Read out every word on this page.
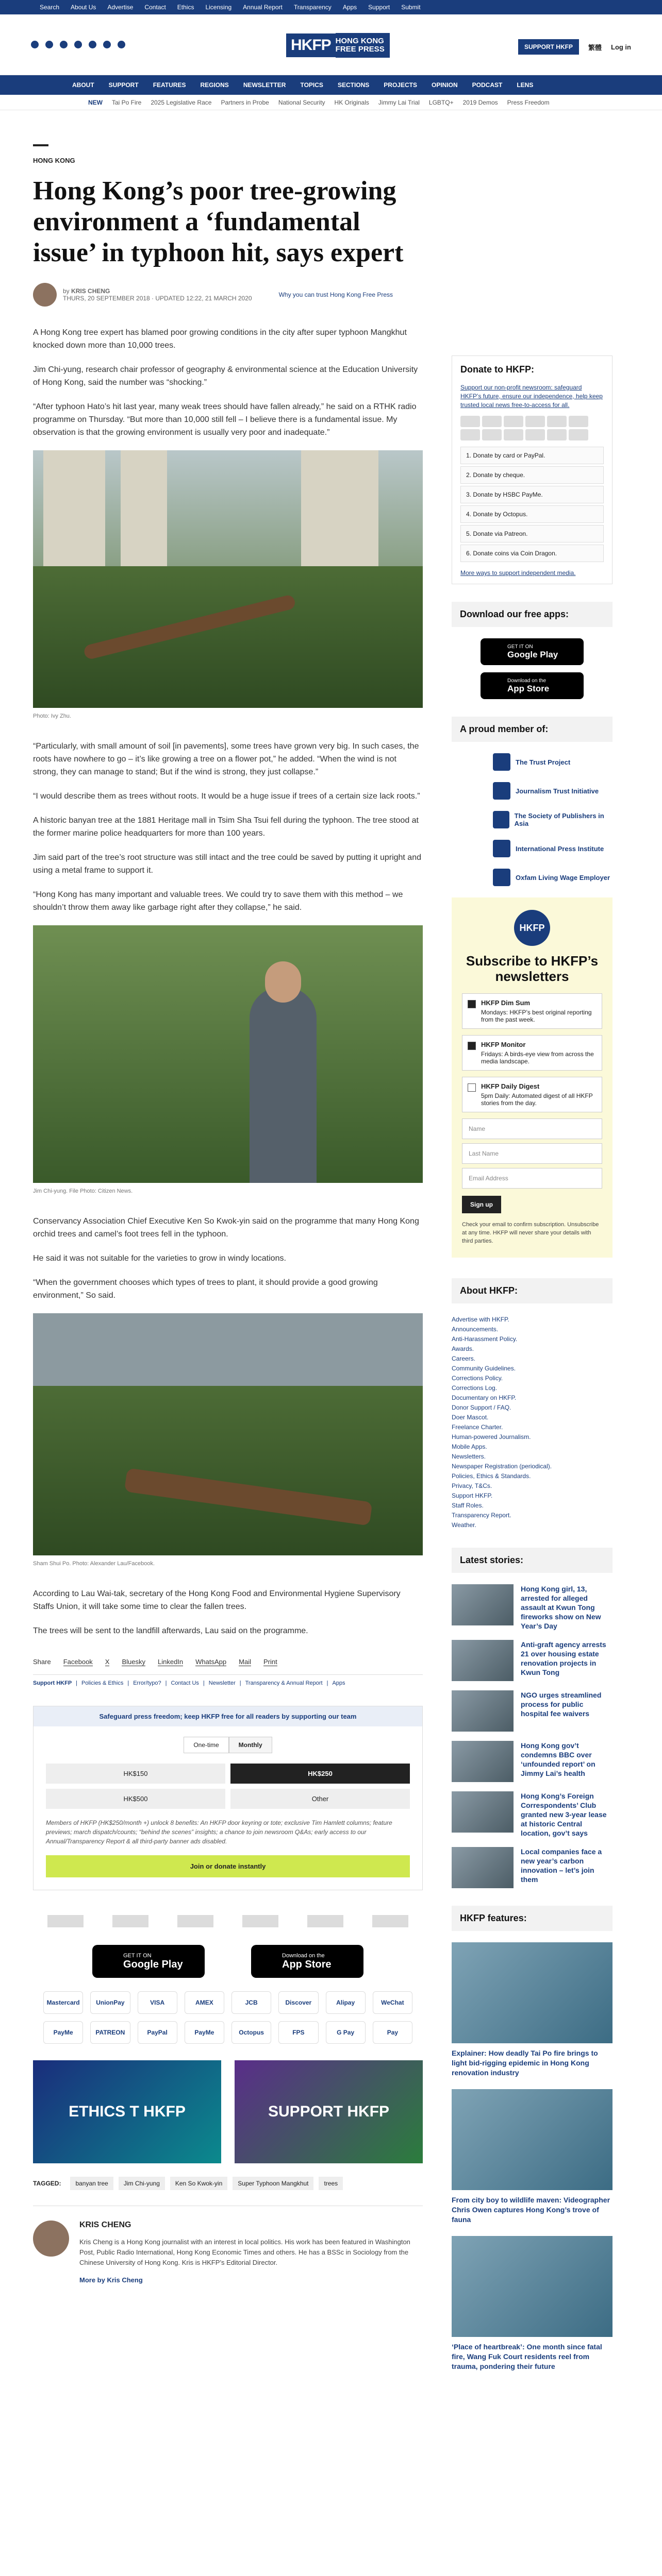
Search	About Us	Advertise	Contact	Ethics	Licensing	Annual Report	Transparency	Apps	Support	Submit
HKFP HONG KONG
FREE PRESS	SUPPORT HKFP	繁體 Log in
ABOUT	SUPPORT	FEATURES	REGIONS	NEWSLETTER	TOPICS	SECTIONS	PROJECTS	OPINION	PODCAST	LENS
NEW	Tai Po Fire	2025 Legislative Race	Partners in Probe	National Security	HK Originals	Jimmy Lai Trial	LGBTQ+	2019 Demos	Press Freedom
HONG KONG
Hong Kong’s poor tree-growing environment a ‘fundamental issue’ in typhoon hit, says expert
by KRIS CHENG
THURS, 20 SEPTEMBER 2018 · UPDATED 12:22, 21 MARCH 2020	Why you can trust Hong Kong Free Press

A Hong Kong tree expert has blamed poor growing conditions in the city after super typhoon Mangkhut knocked down more than 10,000 trees.

Jim Chi-yung, research chair professor of geography & environmental science at the Education University of Hong Kong, said the number was “shocking.”

“After typhoon Hato’s hit last year, many weak trees should have fallen already,” he said on a RTHK radio programme on Thursday. “But more than 10,000 still fell – I believe there is a fundamental issue. My observation is that the growing environment is usually very poor and inadequate.”

Photo: Ivy Zhu.

“Particularly, with small amount of soil [in pavements], some trees have grown very big. In such cases, the roots have nowhere to go – it’s like growing a tree on a flower pot,” he added. “When the wind is not strong, they can manage to stand; But if the wind is strong, they just collapse.”

“I would describe them as trees without roots. It would be a huge issue if trees of a certain size lack roots.”

A historic banyan tree at the 1881 Heritage mall in Tsim Sha Tsui fell during the typhoon. The tree stood at the former marine police headquarters for more than 100 years.

Jim said part of the tree’s root structure was still intact and the tree could be saved by putting it upright and using a metal frame to support it.

“Hong Kong has many important and valuable trees. We could try to save them with this method – we shouldn’t throw them away like garbage right after they collapse,” he said.

Jim Chi-yung. File Photo: Citizen News.

Conservancy Association Chief Executive Ken So Kwok-yin said on the programme that many Hong Kong orchid trees and camel’s foot trees fell in the typhoon.

He said it was not suitable for the varieties to grow in windy locations.

“When the government chooses which types of trees to plant, it should provide a good growing environment,” So said.

Sham Shui Po. Photo: Alexander Lau/Facebook.

According to Lau Wai-tak, secretary of the Hong Kong Food and Environmental Hygiene Supervisory Staffs Union, it will take some time to clear the fallen trees.

The trees will be sent to the landfill afterwards, Lau said on the programme.

Share Facebook X Bluesky LinkedIn WhatsApp Mail Print
Support HKFP | Policies & Ethics | Error/typo? | Contact Us | Newsletter | Transparency & Annual Report | Apps
Safeguard press freedom; keep HKFP free for all readers by supporting our team
One-time	Monthly
HK$150	HK$250
HK$500	Other
Members of HKFP (HK$250/month +) unlock 8 benefits: An HKFP door keyring or tote; exclusive Tim Hamlett columns; feature previews; march dispatch/counts; “behind the scenes” insights; a chance to join newsroom Q&As; early access to our Annual/Transparency Report & all third-party banner ads disabled.
Join or donate instantly
GET IT ON
Google Play
Download on the
App Store
Mastercard	UnionPay	VISA	AMEX	JCB	Discover	Alipay	WeChat
PayMe	PATREON	PayPal	PayMe	Octopus	FPS	G Pay	Pay
ETHICS T HKFP	SUPPORT HKFP
TAGGED:	banyan tree	Jim Chi-yung	Ken So Kwok-yin	Super Typhoon Mangkhut	trees
KRIS CHENG

Kris Cheng is a Hong Kong journalist with an interest in local politics. His work has been featured in Washington Post, Public Radio International, Hong Kong Economic Times and others. He has a BSSc in Sociology from the Chinese University of Hong Kong. Kris is HKFP’s Editorial Director.

More by Kris Cheng
Donate to HKFP:

Support our non-profit newsroom: safeguard HKFP’s future, ensure our independence, help keep trusted local news free-to-access for all.

1. Donate by card or PayPal.
2. Donate by cheque.
3. Donate by HSBC PayMe.
4. Donate by Octopus.
5. Donate via Patreon.
6. Donate coins via Coin Dragon.
More ways to support independent media.
Download our free apps:
GET IT ON
Google Play
Download on the
App Store
A proud member of:
The Trust Project
Journalism Trust Initiative
The Society of Publishers in Asia
International Press Institute
Oxfam Living Wage Employer
HKFP
Subscribe to HKFP’s newsletters
HKFP Dim Sum
Mondays: HKFP’s best original reporting from the past week.
HKFP Monitor
Fridays: A birds-eye view from across the media landscape.
HKFP Daily Digest
5pm Daily: Automated digest of all HKFP stories from the day.
Name
Last Name
Email Address
Sign up
Check your email to confirm subscription. Unsubscribe at any time. HKFP will never share your details with third parties.
About HKFP:
Advertise with HKFP.
Announcements.
Anti-Harassment Policy.
Awards.
Careers.
Community Guidelines.
Corrections Policy.
Corrections Log.
Documentary on HKFP.
Donor Support / FAQ.
Doer Mascot.
Freelance Charter.
Human-powered Journalism.
Mobile Apps.
Newsletters.
Newspaper Registration (periodical).
Policies, Ethics & Standards.
Privacy, T&Cs.
Support HKFP.
Staff Roles.
Transparency Report.
Weather.
Latest stories:
Hong Kong girl, 13, arrested for alleged assault at Kwun Tong fireworks show on New Year’s Day
Anti-graft agency arrests 21 over housing estate renovation projects in Kwun Tong
NGO urges streamlined process for public hospital fee waivers
Hong Kong gov’t condemns BBC over ‘unfounded report’ on Jimmy Lai’s health
Hong Kong’s Foreign Correspondents’ Club granted new 3-year lease at historic Central location, gov’t says
Local companies face a new year’s carbon innovation – let’s join them
HKFP features:
Explainer: How deadly Tai Po fire brings to light bid-rigging epidemic in Hong Kong renovation industry
From city boy to wildlife maven: Videographer Chris Owen captures Hong Kong’s trove of fauna
‘Place of heartbreak’: One month since fatal fire, Wang Fuk Court residents reel from trauma, pondering their future
